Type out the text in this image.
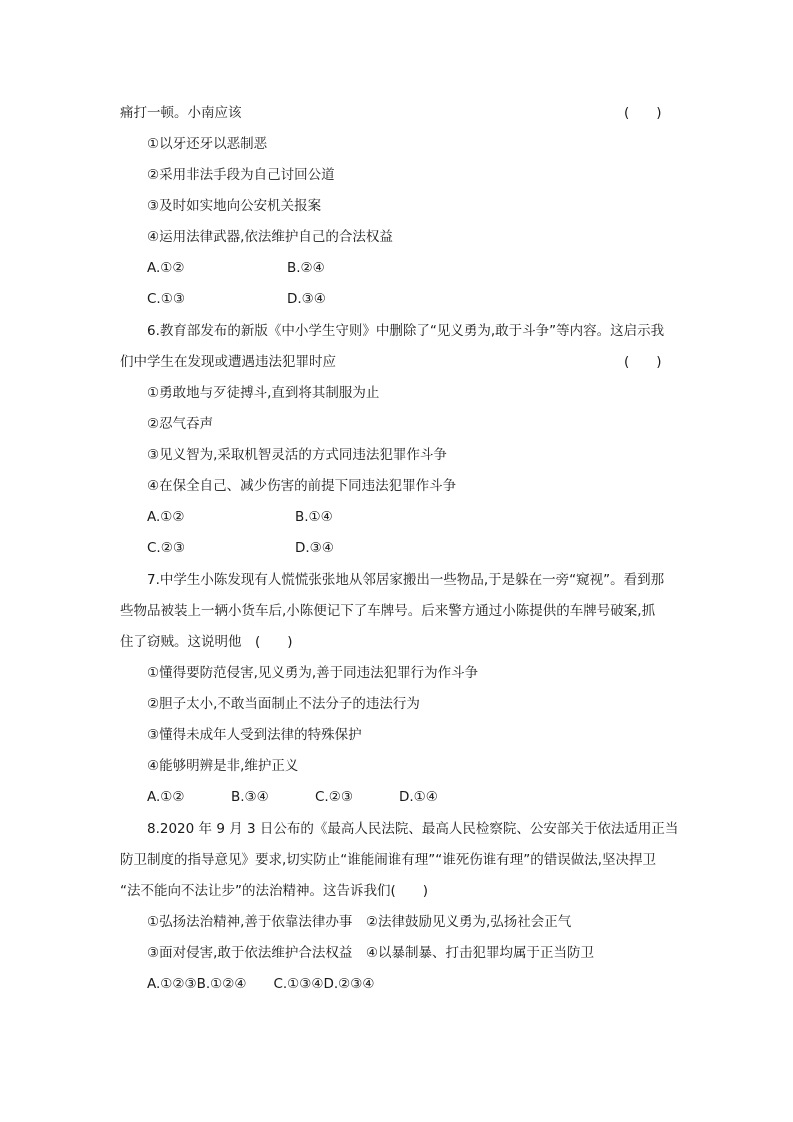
痛打一顿。小南应该	(　　)
①以牙还牙以恶制恶
②采用非法手段为自己讨回公道
③及时如实地向公安机关报案
④运用法律武器,依法维护自己的合法权益
A.①②	B.②④
C.①③	D.③④
6.教育部发布的新版《中小学生守则》中删除了“见义勇为,敢于斗争”等内容。这启示我
们中学生在发现或遭遇违法犯罪时应	(　　)
①勇敢地与歹徒搏斗,直到将其制服为止
②忍气吞声
③见义智为,采取机智灵活的方式同违法犯罪作斗争
④在保全自己、减少伤害的前提下同违法犯罪作斗争
A.①②	B.①④
C.②③	D.③④
7.中学生小陈发现有人慌慌张张地从邻居家搬出一些物品,于是躲在一旁“窥视”。看到那
些物品被装上一辆小货车后,小陈便记下了车牌号。后来警方通过小陈提供的车牌号破案,抓
住了窃贼。这说明他　(　　)
①懂得要防范侵害,见义勇为,善于同违法犯罪行为作斗争
②胆子太小,不敢当面制止不法分子的违法行为
③懂得未成年人受到法律的特殊保护
④能够明辨是非,维护正义
A.①②	B.③④	C.②③	D.①④
8.2020 年 9 月 3 日公布的《最高人民法院、最高人民检察院、公安部关于依法适用正当
防卫制度的指导意见》要求,切实防止“谁能闹谁有理”“谁死伤谁有理”的错误做法,坚决捍卫
“法不能向不法让步”的法治精神。这告诉我们(　　)
①弘扬法治精神,善于依靠法律办事　②法律鼓励见义勇为,弘扬社会正气
③面对侵害,敢于依法维护合法权益　④以暴制暴、打击犯罪均属于正当防卫
A.①②③B.①②④　　C.①③④D.②③④
